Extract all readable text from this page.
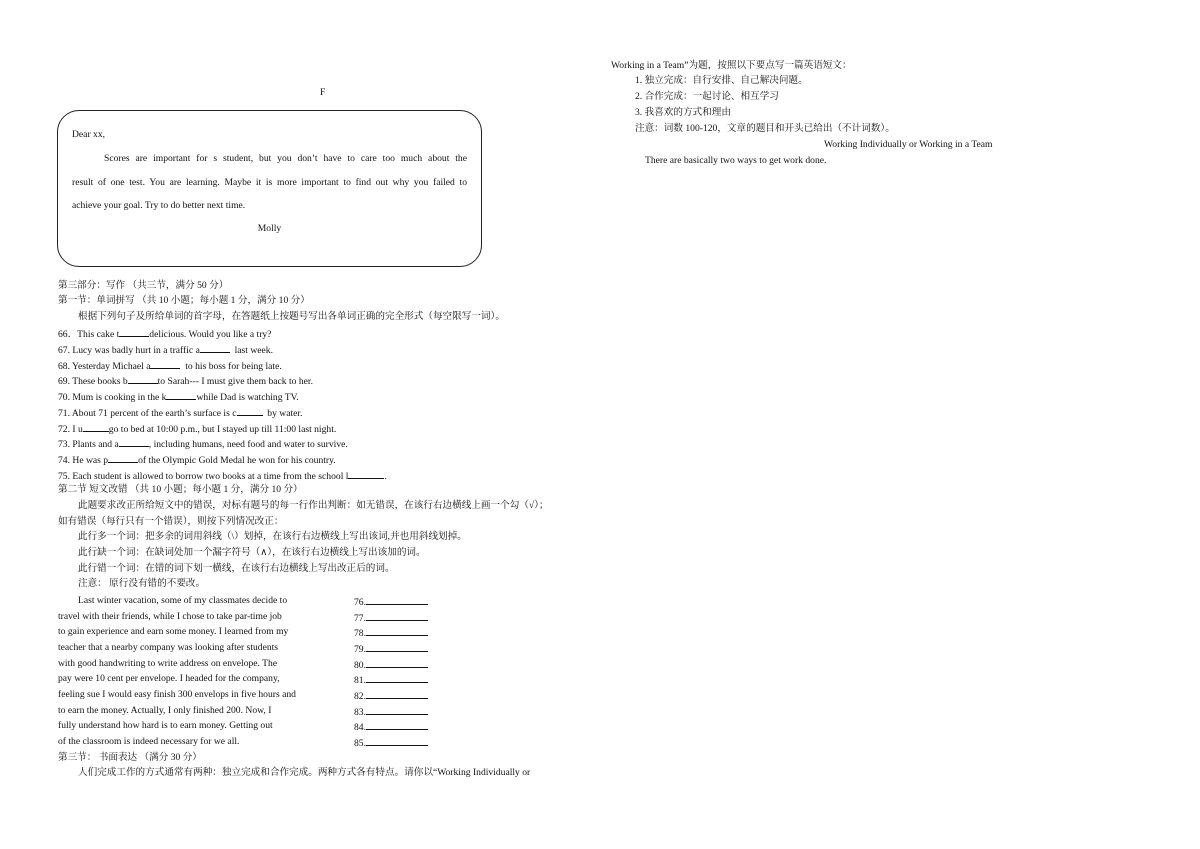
F
Dear xx,
Scores are important for s student, but you don’t have to care too much about the
result of one test. You are learning. Maybe it is more important to find out why you failed to
achieve your goal. Try to do better next time.
Molly
第三部分：写作 （共三节，满分 50 分）
第一节：单词拼写 （共 10 小题；每小题 1 分，满分 10 分）
根据下列句子及所给单词的首字母，在答题纸上按题号写出各单词正确的完全形式（每空限写一词）。
66．This cake t	delicious. Would you like a try?
67. Lucy was badly hurt in a traffic a	last week.
68. Yesterday Michael a	to his boss for being late.
69. These books b	to Sarah--- I must give them back to her.
70. Mum is cooking in the k	while Dad is watching TV.
71. About 71 percent of the earth’s surface is c	by water.
72. I u	go to bed at 10:00 p.m., but I stayed up till 11:00 last night.
73. Plants and a	, including humans, need food and water to survive.
74. He was p	of the Olympic Gold Medal he won for his country.
75. Each student is allowed to borrow two books at a time from the school l	.
第二节 短文改错 （共 10 小题；每小题 1 分，满分 10 分）
此题要求改正所给短文中的错误，对标有题号的每一行作出判断：如无错误，在该行右边横线上画一个勾（√）；
如有错误（每行只有一个错误），则按下列情况改正：
此行多一个词：把多余的词用斜线（\）划掉，在该行右边横线上写出该词,并也用斜线划掉。
此行缺一个词：在缺词处加一个漏字符号（∧），在该行右边横线上写出该加的词。
此行错一个词：在错的词下划一横线，在该行右边横线上写出改正后的词。
注意： 原行没有错的不要改。
Last winter vacation, some of my classmates decide to	76.
travel with their friends, while I chose to take par-time job	77.
to gain experience and earn some money. I learned from my	78.
teacher that a nearby company was looking after students	79.
with good handwriting to write address on envelope. The	80.
pay were 10 cent per envelope. I headed for the company,	81.
feeling sue I would easy finish 300 envelops in five hours and	82.
to earn the money. Actually, I only finished 200. Now, I	83.
fully understand how hard is to earn money. Getting out	84.
of the classroom is indeed necessary for we all.	85.
第三节： 书面表达 （满分 30 分）
人们完成工作的方式通常有两种：独立完成和合作完成。两种方式各有特点。请你以“Working Individually or
Working in a Team”为题，按照以下要点写一篇英语短文：
1. 独立完成：自行安排、自己解决问题。
2. 合作完成：一起讨论、相互学习
3. 我喜欢的方式和理由
注意：词数 100-120，文章的题目和开头已给出（不计词数）。
Working Individually or Working in a Team
There are basically two ways to get work done.
